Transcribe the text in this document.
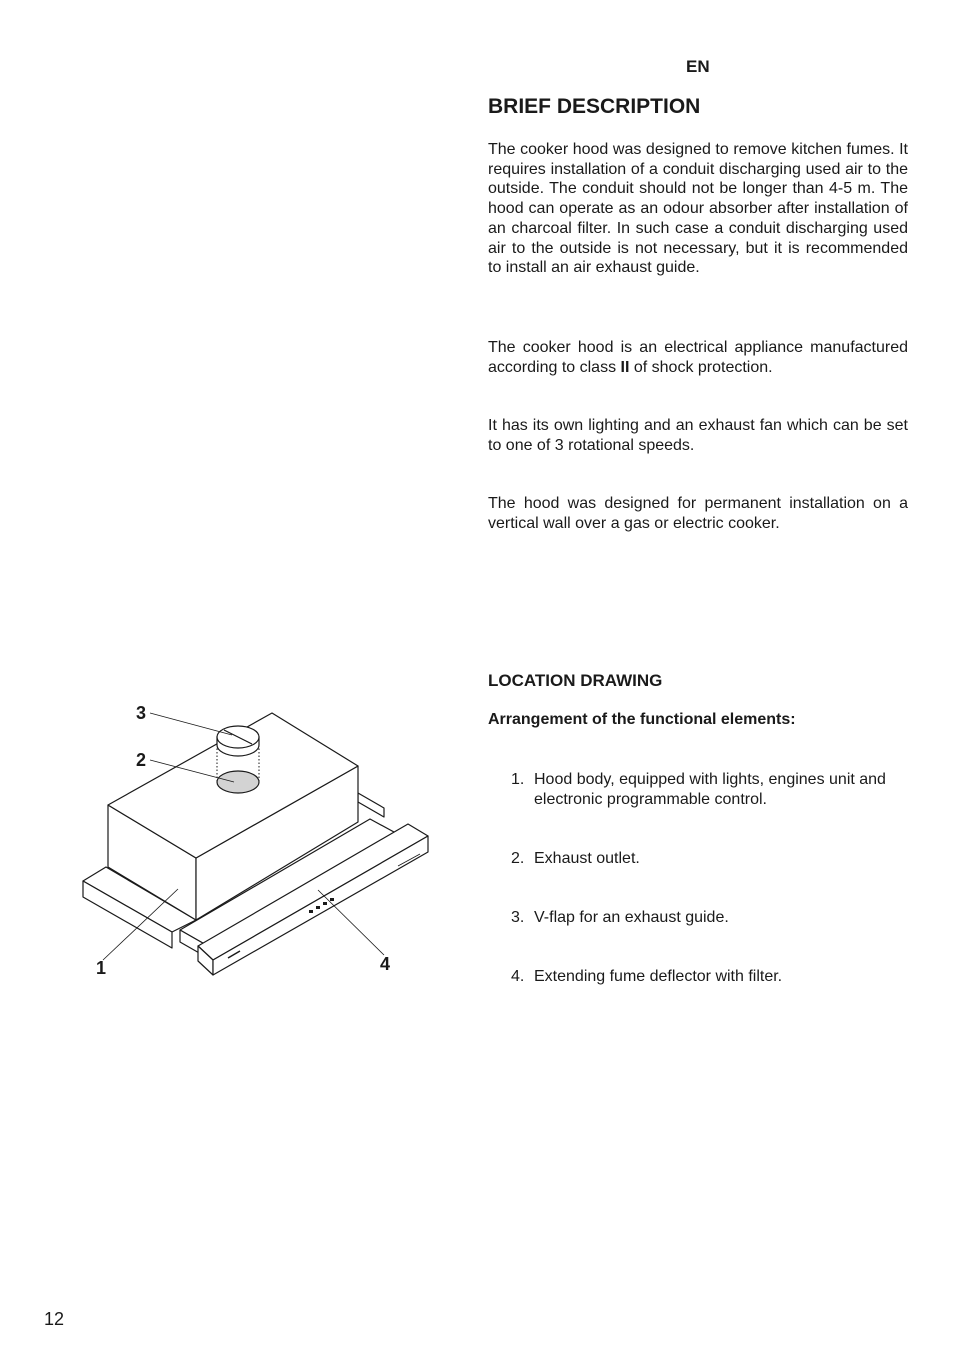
EN
BRIEF DESCRIPTION

The cooker hood was designed to remove kitchen fumes. It requires installation of a conduit discharging used air to the outside. The conduit should not be longer than 4-5 m. The hood can operate as an odour absorber after installation of an charcoal filter. In such case a conduit discharging used air to the outside is not necessary, but it is recommended to install an air exhaust guide.

The cooker hood is an electrical appliance manufactured according to class II of shock protection.

It has its own lighting and an exhaust fan which can be set to one of 3 rotational speeds.

The hood was designed for permanent installation on a vertical wall over a gas or electric cooker.

LOCATION DRAWING

Arrangement of the functional elements:

1. Hood body, equipped with lights, engines unit and electronic programmable control.
2. Exhaust outlet.
3. V-flap for an exhaust guide.
4. Extending fume deflector with filter.
3
2
1	4
12
